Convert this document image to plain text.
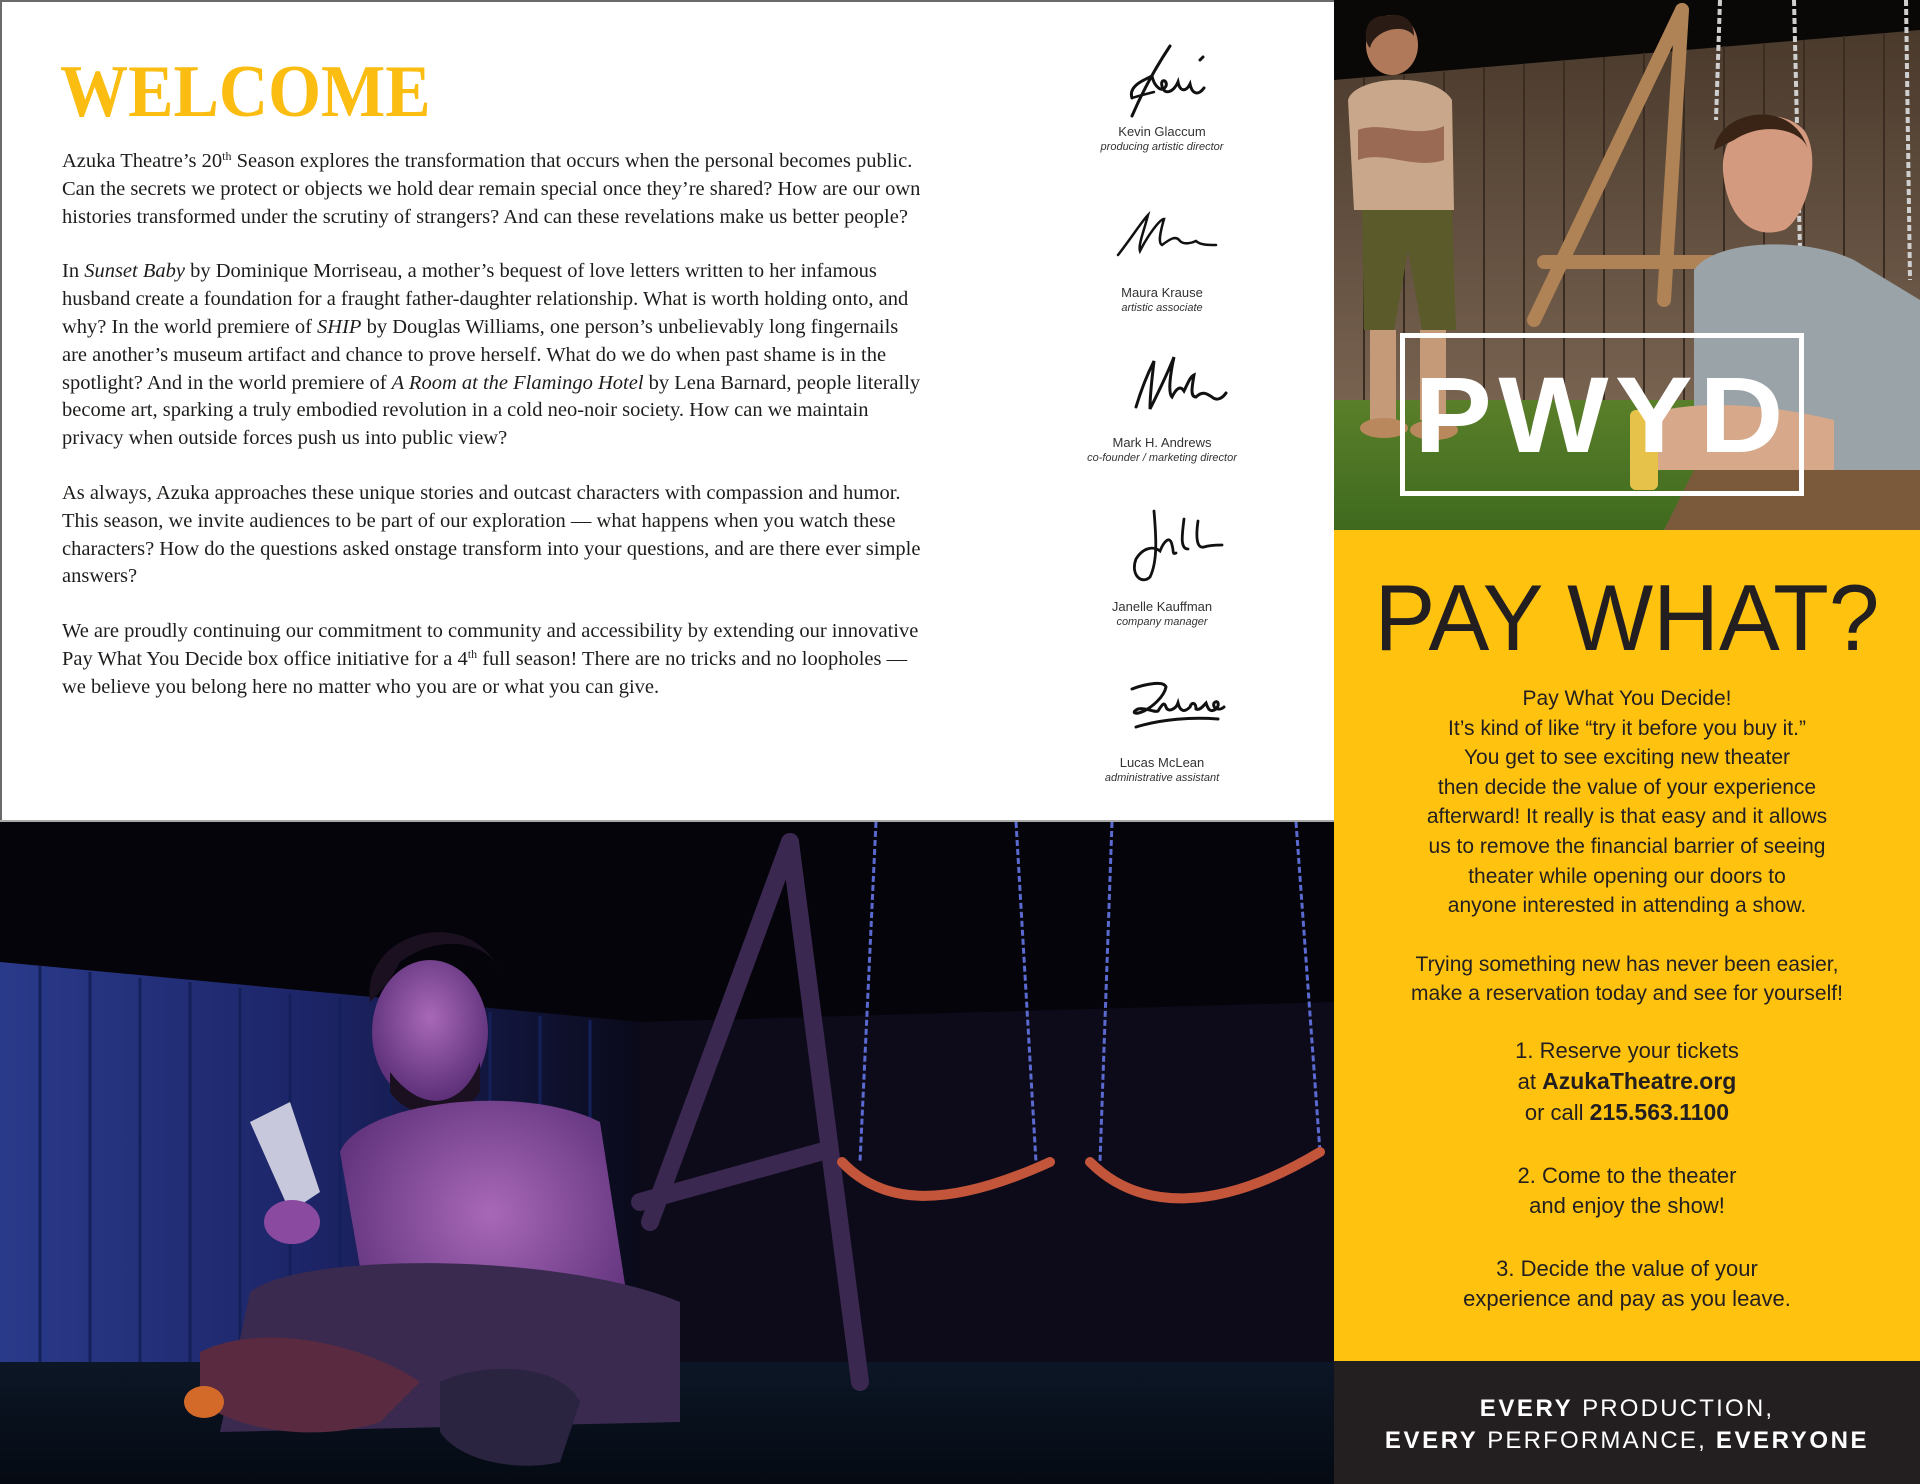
WELCOME

Azuka Theatre’s 20th Season explores the transformation that occurs when the personal becomes public. Can the secrets we protect or objects we hold dear remain special once they’re shared? How are our own histories transformed under the scrutiny of strangers? And can these revelations make us better people?

In Sunset Baby by Dominique Morriseau, a mother’s bequest of love letters written to her infamous husband create a foundation for a fraught father-daughter relationship. What is worth holding onto, and why? In the world premiere of SHIP by Douglas Williams, one person’s unbelievably long fingernails are another’s museum artifact and chance to prove herself. What do we do when past shame is in the spotlight? And in the world premiere of A Room at the Flamingo Hotel by Lena Barnard, people literally become art, sparking a truly embodied revolution in a cold neo-noir society. How can we maintain privacy when outside forces push us into public view?

As always, Azuka approaches these unique stories and outcast characters with compassion and humor. This season, we invite audiences to be part of our exploration — what happens when you watch these characters? How do the questions asked onstage transform into your questions, and are there ever simple answers?

We are proudly continuing our commitment to community and accessibility by extending our innovative Pay What You Decide box office initiative for a 4th full season! There are no tricks and no loopholes — we believe you belong here no matter who you are or what you can give.

Kevin Glaccum
producing artistic director
Maura Krause
artistic associate
Mark H. Andrews
co-founder / marketing director
Janelle Kauffman
company manager
Lucas McLean
administrative assistant
PWYD
PAY WHAT?
Pay What You Decide!
It’s kind of like “try it before you buy it.”
You get to see exciting new theater
then decide the value of your experience
afterward! It really is that easy and it allows
us to remove the financial barrier of seeing
theater while opening our doors to
anyone interested in attending a show.
Trying something new has never been easier,
make a reservation today and see for yourself!
1. Reserve your tickets
at AzukaTheatre.org
or call 215.563.1100
2. Come to the theater
and enjoy the show!
3. Decide the value of your
experience and pay as you leave.
EVERY PRODUCTION,
EVERY PERFORMANCE, EVERYONE
